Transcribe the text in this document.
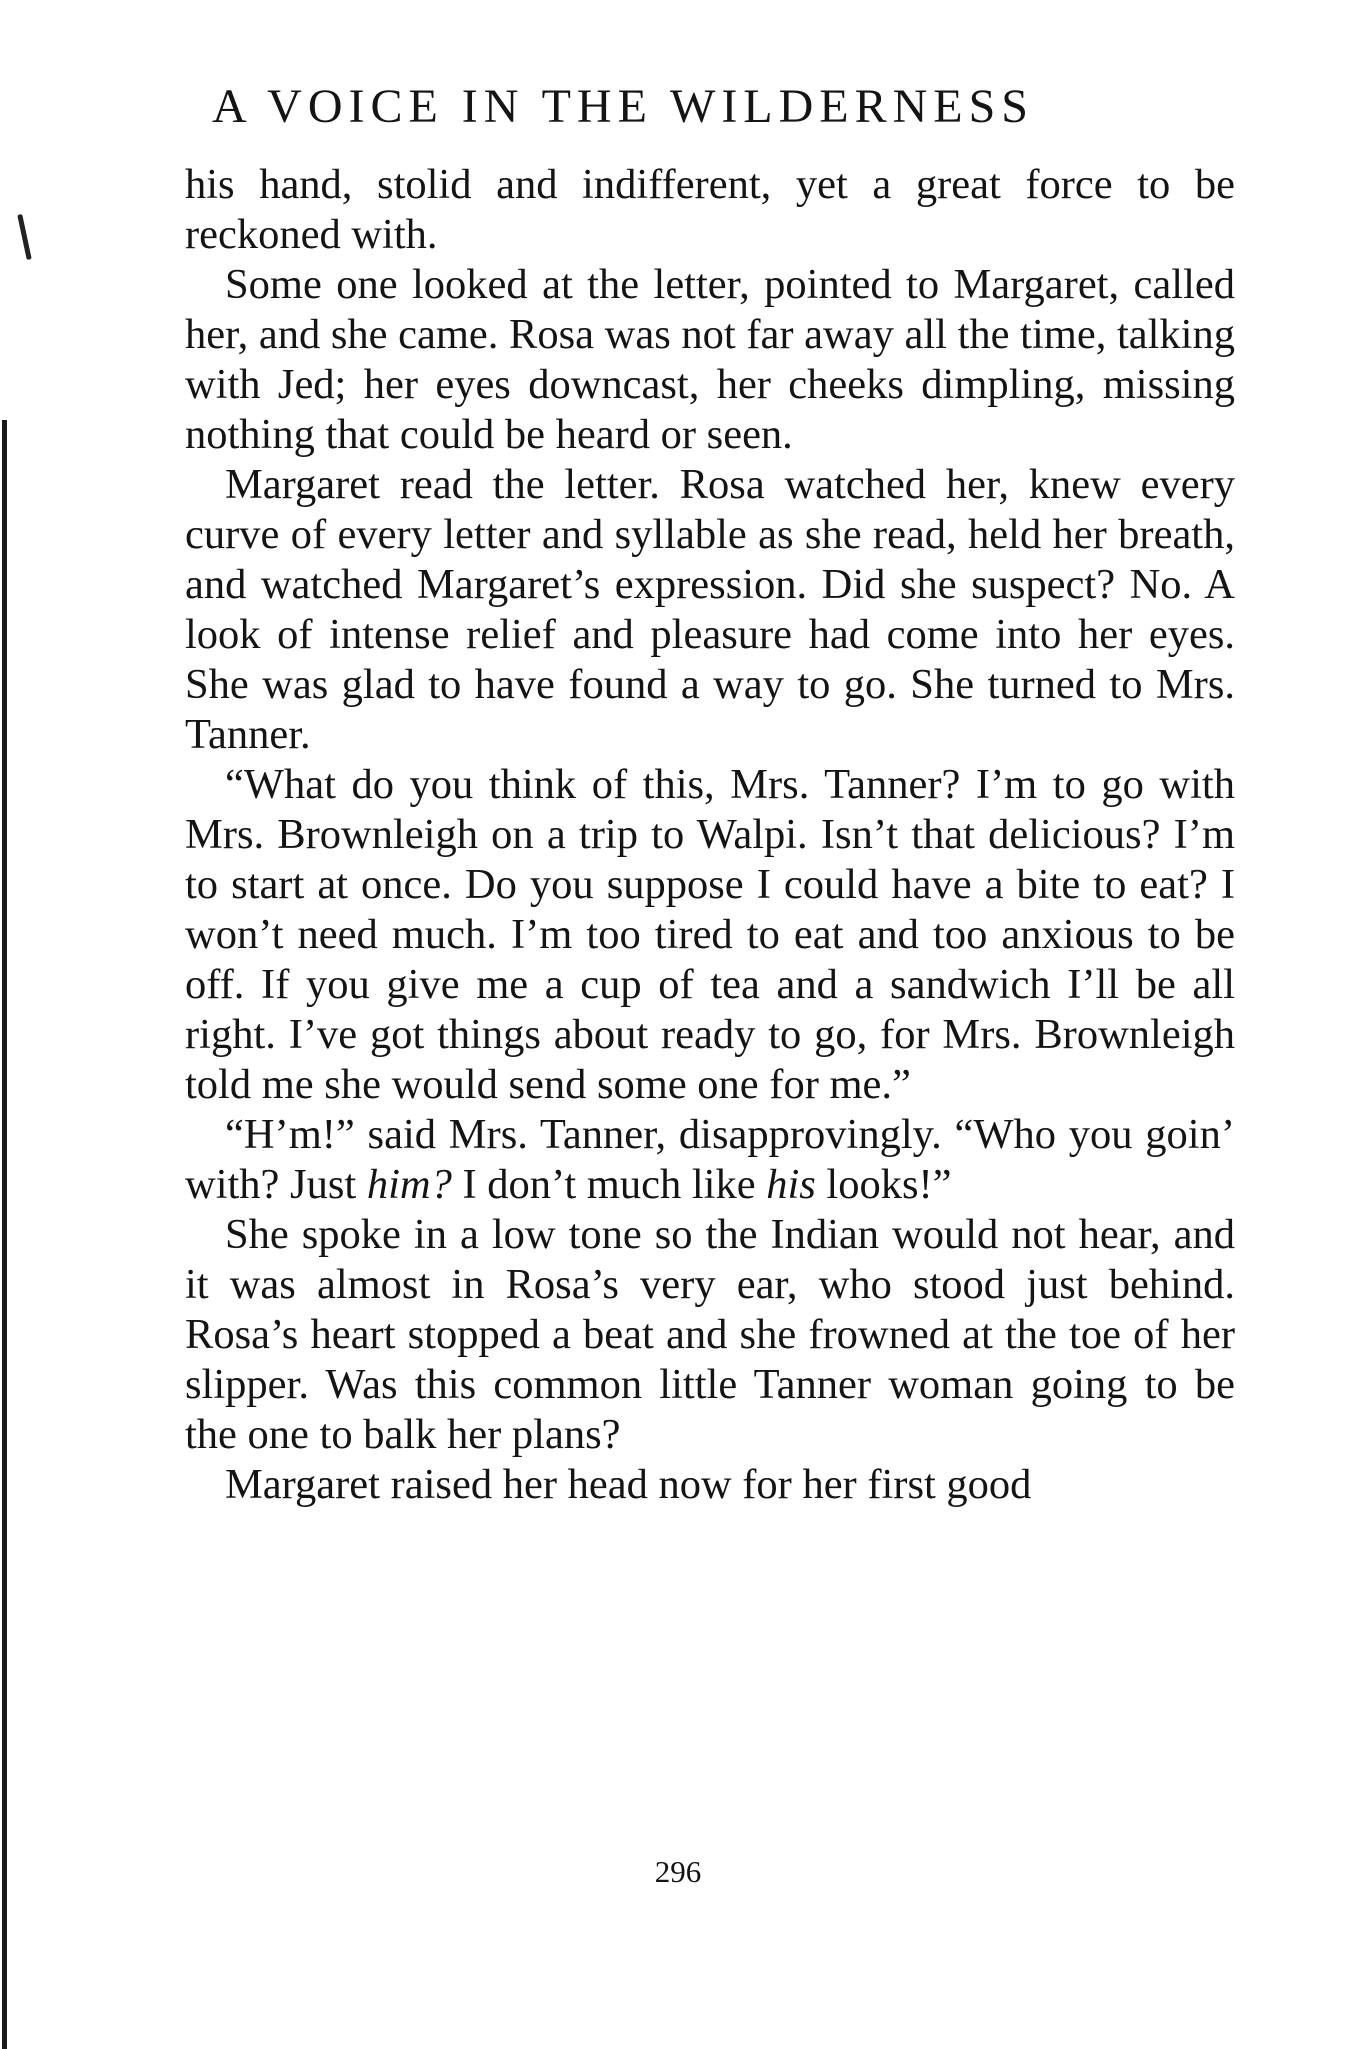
A VOICE IN THE WILDERNESS

his hand, stolid and indifferent, yet a great force to be reckoned with.

Some one looked at the letter, pointed to Margaret, called her, and she came. Rosa was not far away all the time, talking with Jed; her eyes downcast, her cheeks dimpling, missing nothing that could be heard or seen.

Margaret read the letter. Rosa watched her, knew every curve of every letter and syllable as she read, held her breath, and watched Margaret’s expression. Did she suspect? No. A look of intense relief and pleasure had come into her eyes. She was glad to have found a way to go. She turned to Mrs. Tanner.

“What do you think of this, Mrs. Tanner? I’m to go with Mrs. Brownleigh on a trip to Walpi. Isn’t that delicious? I’m to start at once. Do you suppose I could have a bite to eat? I won’t need much. I’m too tired to eat and too anxious to be off. If you give me a cup of tea and a sandwich I’ll be all right. I’ve got things about ready to go, for Mrs. Brownleigh told me she would send some one for me.”

“H’m!” said Mrs. Tanner, disapprovingly. “Who you goin’ with? Just him? I don’t much like his looks!”

She spoke in a low tone so the Indian would not hear, and it was almost in Rosa’s very ear, who stood just behind. Rosa’s heart stopped a beat and she frowned at the toe of her slipper. Was this common little Tanner woman going to be the one to balk her plans?

Margaret raised her head now for her first good

296
